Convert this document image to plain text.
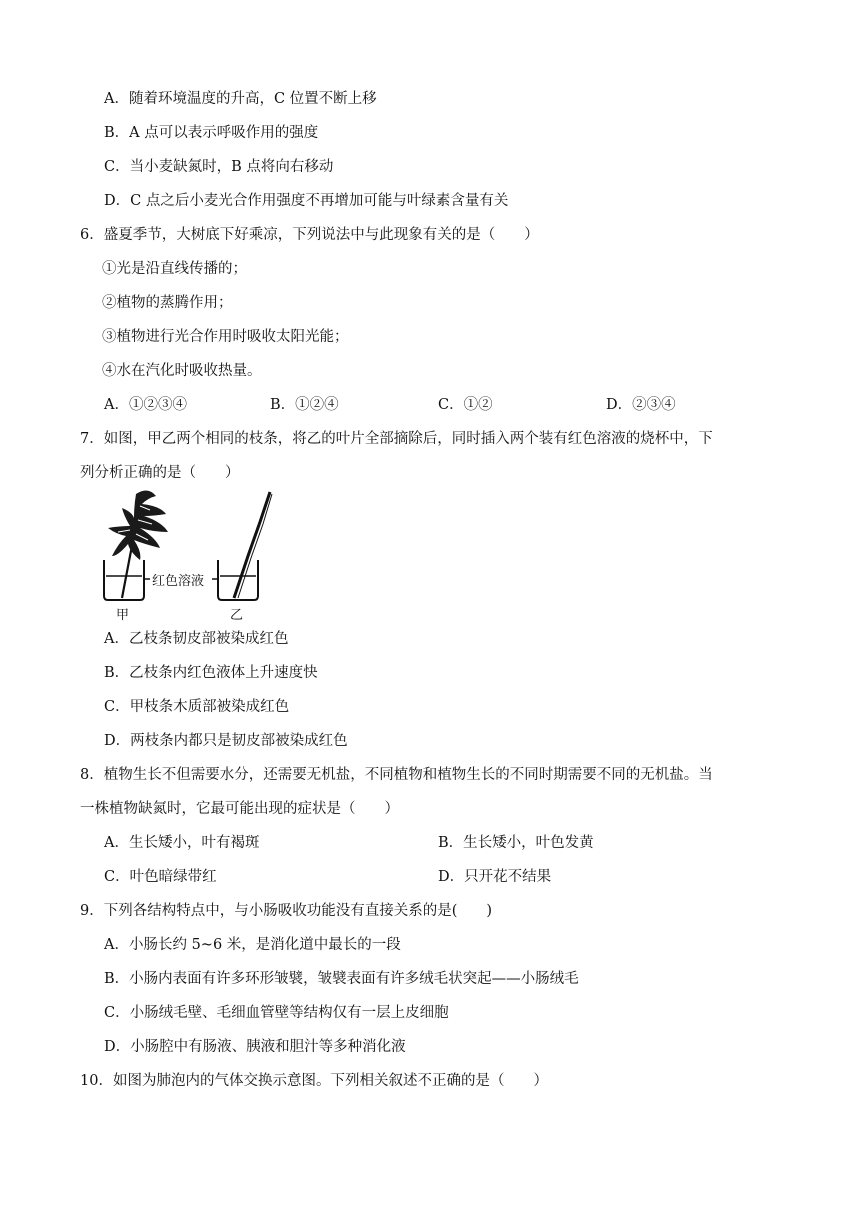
A．随着环境温度的升高，C 位置不断上移
B．A 点可以表示呼吸作用的强度
C．当小麦缺氮时，B 点将向右移动
D．C 点之后小麦光合作用强度不再增加可能与叶绿素含量有关
6．盛夏季节，大树底下好乘凉，下列说法中与此现象有关的是（　　）
①光是沿直线传播的；
②植物的蒸腾作用；
③植物进行光合作用时吸收太阳光能；
④水在汽化时吸收热量。
A．①②③④	B．①②④	C．①②	D．②③④
7．如图，甲乙两个相同的枝条，将乙的叶片全部摘除后，同时插入两个装有红色溶液的烧杯中，下
列分析正确的是（　　）
红色溶液
甲	乙
A．乙枝条韧皮部被染成红色
B．乙枝条内红色液体上升速度快
C．甲枝条木质部被染成红色
D．两枝条内都只是韧皮部被染成红色
8．植物生长不但需要水分，还需要无机盐，不同植物和植物生长的不同时期需要不同的无机盐。当
一株植物缺氮时，它最可能出现的症状是（　　）
A．生长矮小，叶有褐斑	B．生长矮小，叶色发黄
C．叶色暗绿带红	D．只开花不结果
9．下列各结构特点中，与小肠吸收功能没有直接关系的是(　　)
A．小肠长约 5~6 米，是消化道中最长的一段
B．小肠内表面有许多环形皱襞，皱襞表面有许多绒毛状突起——小肠绒毛
C．小肠绒毛壁、毛细血管壁等结构仅有一层上皮细胞
D．小肠腔中有肠液、胰液和胆汁等多种消化液
10．如图为肺泡内的气体交换示意图。下列相关叙述不正确的是（　　）
